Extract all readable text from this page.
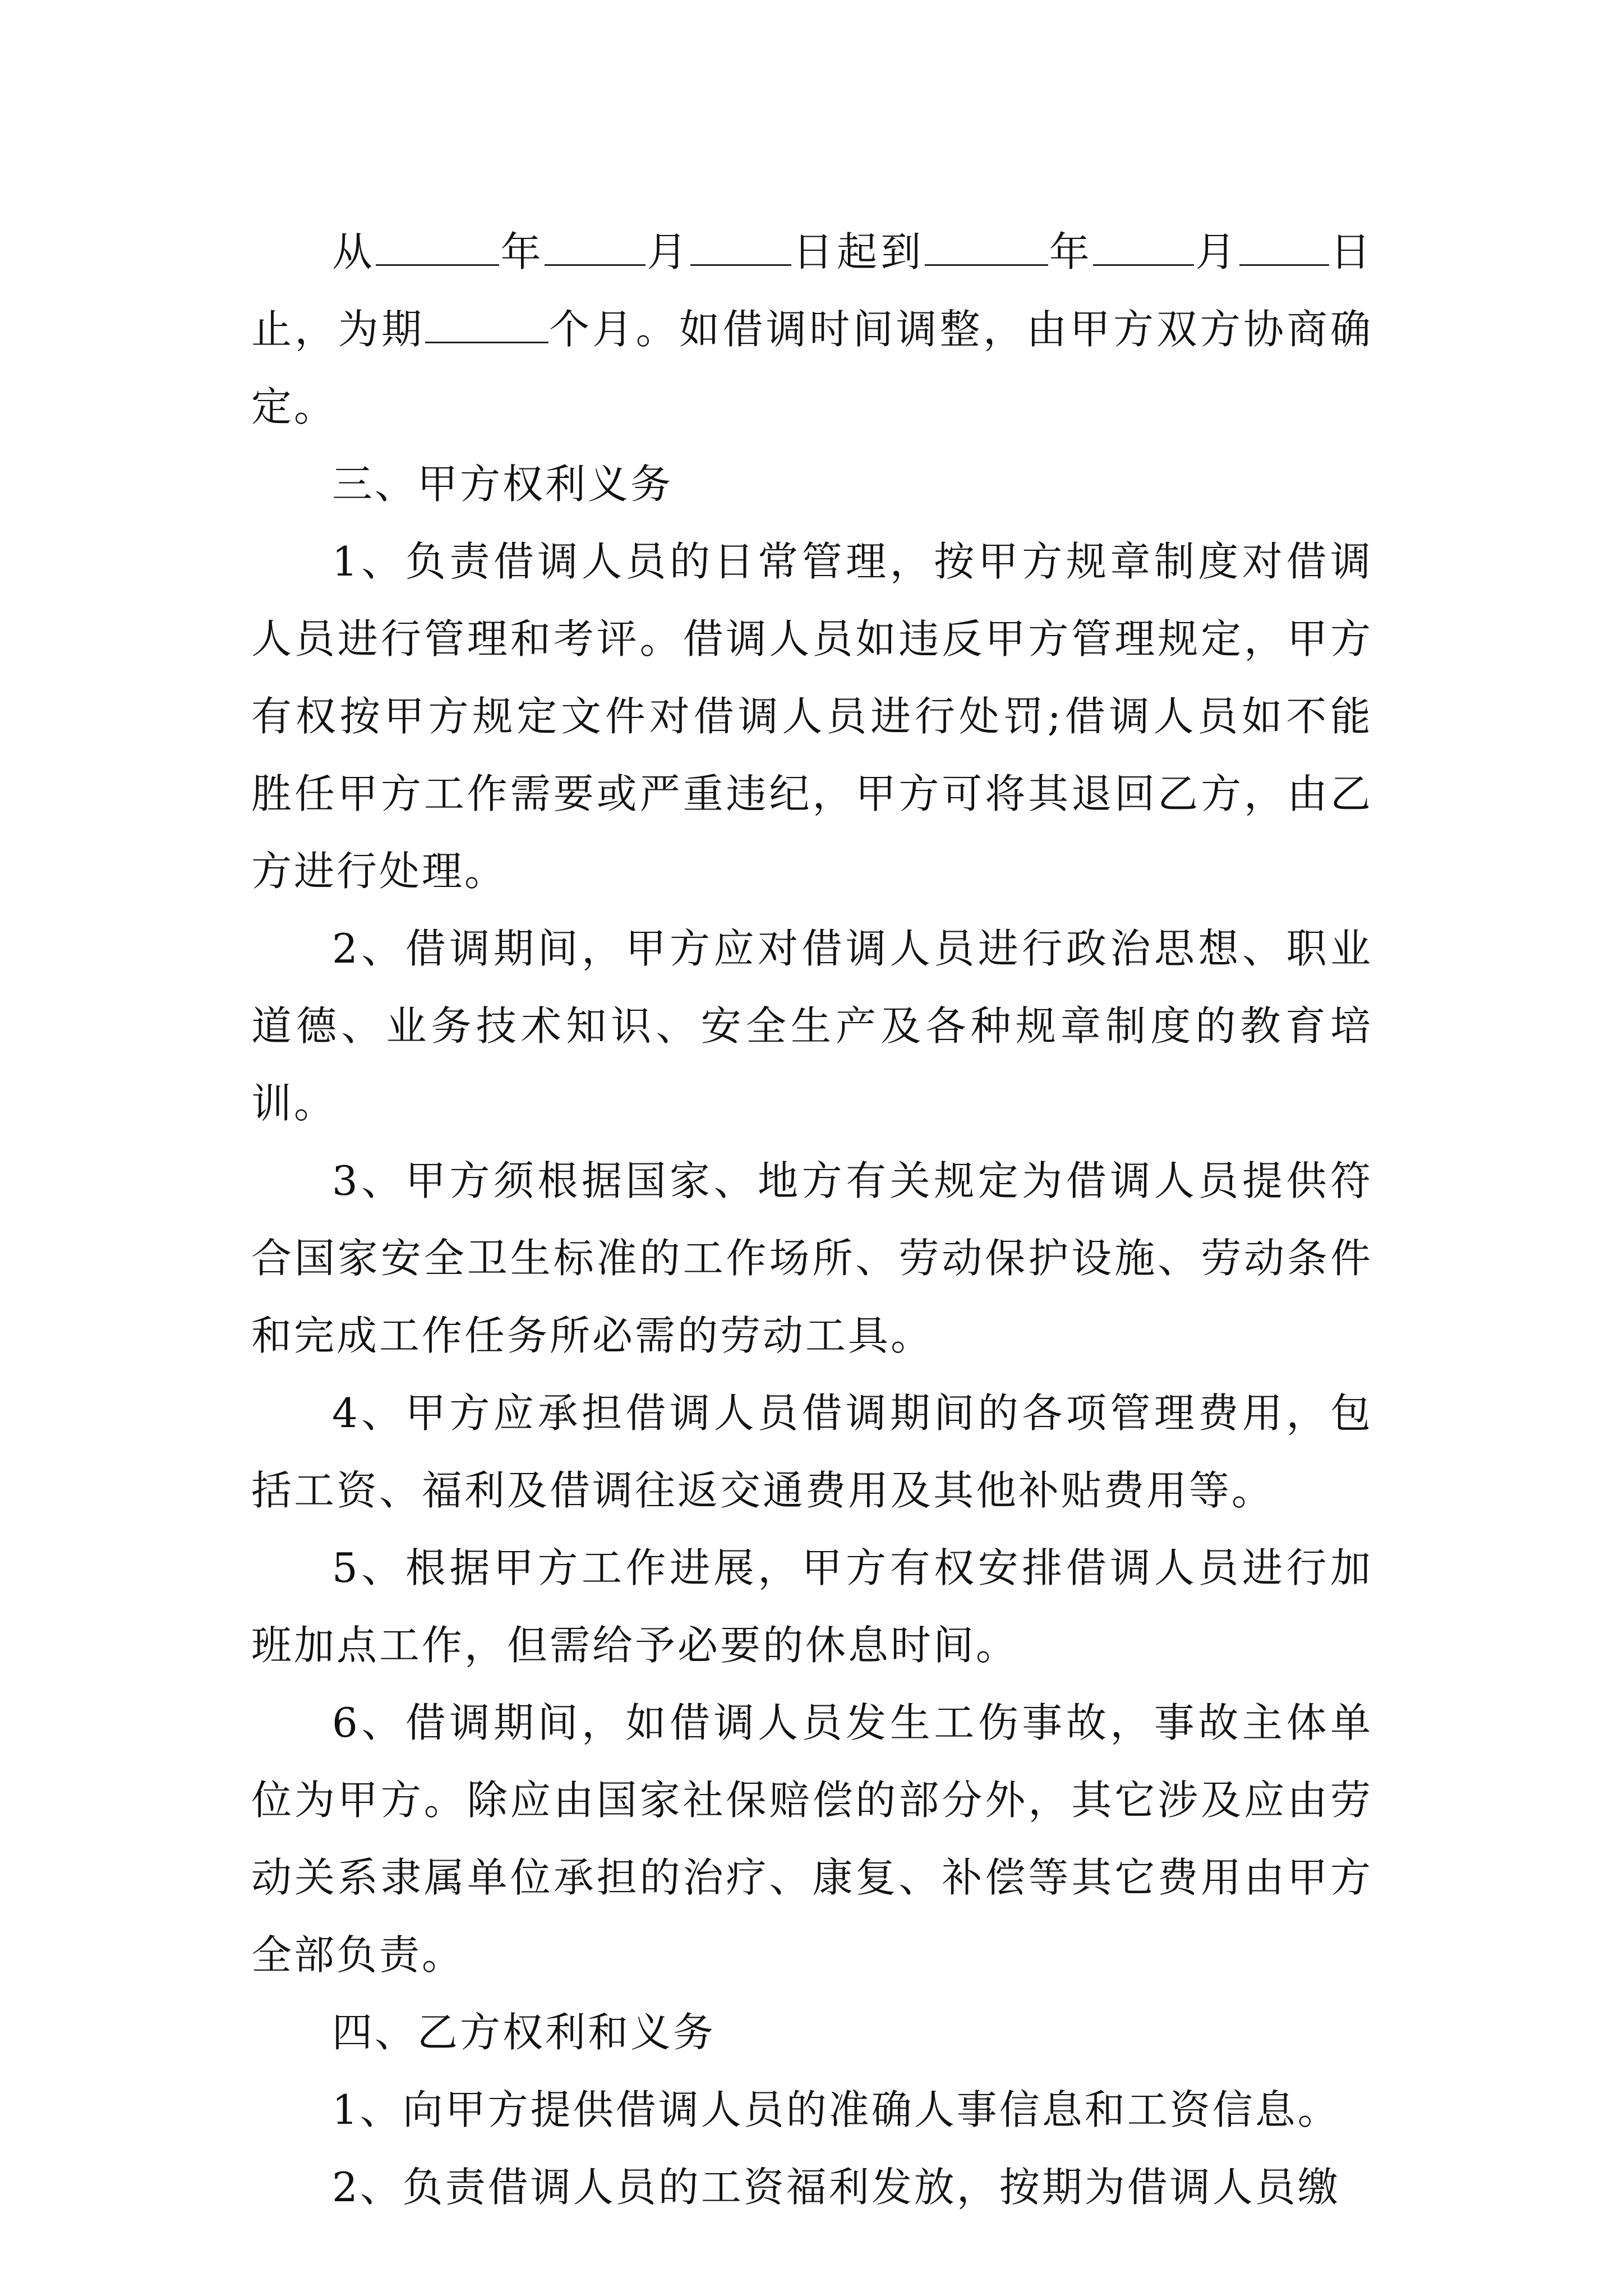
从	年	月	日起到	年	月 日止，为期	个月。如借调时间调整，由甲方双方协商确定。

三、甲方权利义务

1、负责借调人员的日常管理，按甲方规章制度对借调人员进行管理和考评。借调人员如违反甲方管理规定，甲方有权按甲方规定文件对借调人员进行处罚;借调人员如不能胜任甲方工作需要或严重违纪，甲方可将其退回乙方，由乙方进行处理。

2、借调期间，甲方应对借调人员进行政治思想、职业道德、业务技术知识、安全生产及各种规章制度的教育培训。

3、甲方须根据国家、地方有关规定为借调人员提供符合国家安全卫生标准的工作场所、劳动保护设施、劳动条件和完成工作任务所必需的劳动工具。

4、甲方应承担借调人员借调期间的各项管理费用，包括工资、福利及借调往返交通费用及其他补贴费用等。

5、根据甲方工作进展，甲方有权安排借调人员进行加班加点工作，但需给予必要的休息时间。

6、借调期间，如借调人员发生工伤事故，事故主体单位为甲方。除应由国家社保赔偿的部分外，其它涉及应由劳动关系隶属单位承担的治疗、康复、补偿等其它费用由甲方全部负责。

四、乙方权利和义务

1、向甲方提供借调人员的准确人事信息和工资信息。

2、负责借调人员的工资福利发放，按期为借调人员缴
